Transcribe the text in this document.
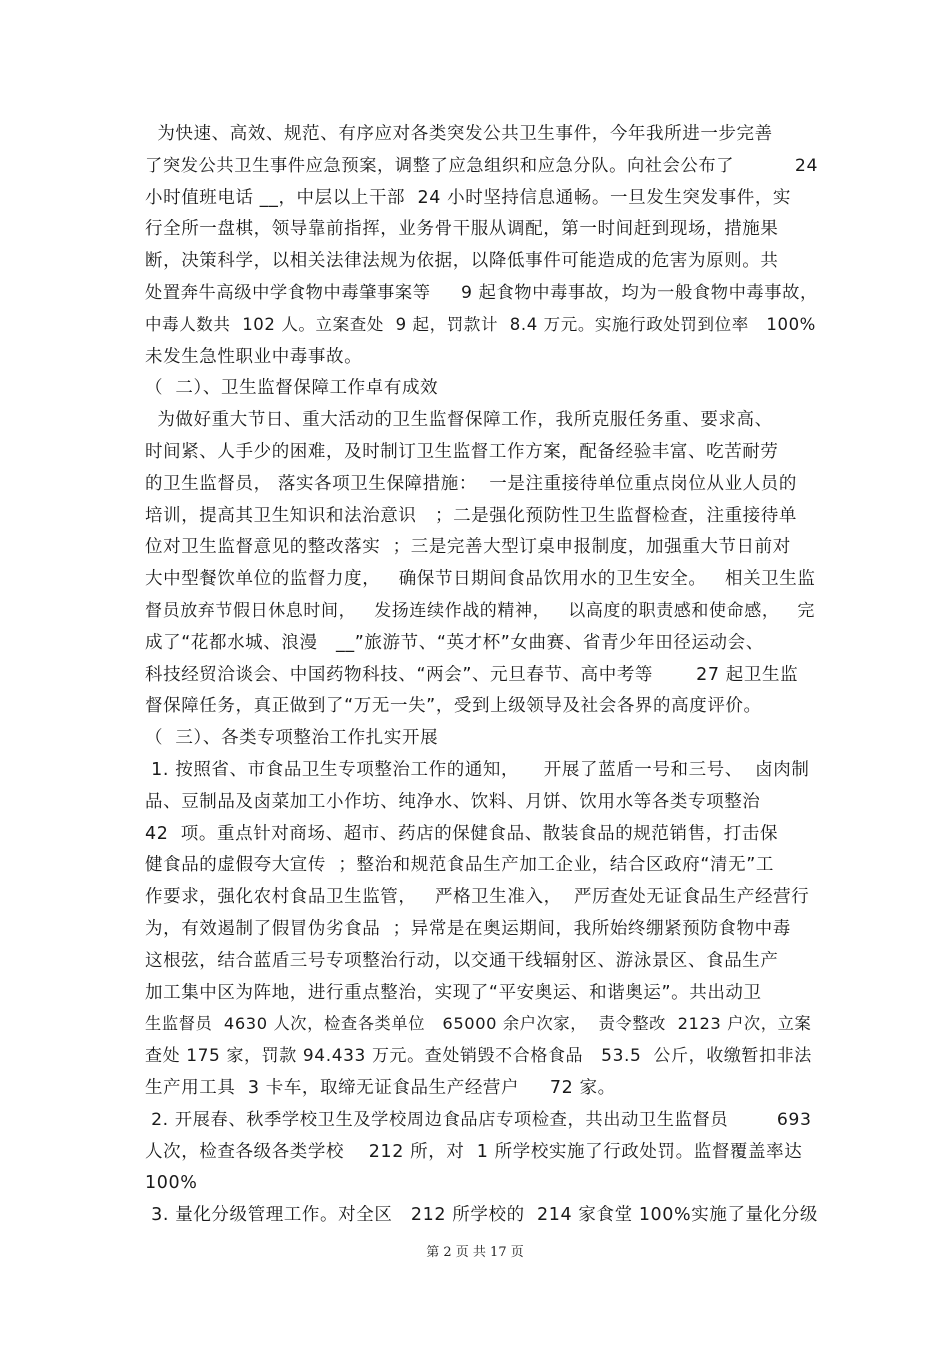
为快速、高效、规范、有序应对各类突发公共卫生事件，今年我所进一步完善
了突发公共卫生事件应急预案，调整了应急组织和应急分队。向社会公布了          24
小时值班电话 __，中层以上干部  24 小时坚持信息通畅。一旦发生突发事件，实
行全所一盘棋，领导靠前指挥，业务骨干服从调配，第一时间赶到现场，措施果
断，决策科学，以相关法律法规为依据，以降低事件可能造成的危害为原则。共
处置奔牛高级中学食物中毒肇事案等     9 起食物中毒事故，均为一般食物中毒事故，
中毒人数共  102 人。立案查处  9 起，罚款计  8.4 万元。实施行政处罚到位率   100%
未发生急性职业中毒事故。
（  二）、卫生监督保障工作卓有成效
为做好重大节日、重大活动的卫生监督保障工作，我所克服任务重、要求高、
时间紧、人手少的困难，及时制订卫生监督工作方案，配备经验丰富、吃苦耐劳
的卫生监督员， 落实各项卫生保障措施：  一是注重接待单位重点岗位从业人员的
培训，提高其卫生知识和法治意识   ；二是强化预防性卫生监督检查，注重接待单
位对卫生监督意见的整改落实  ；三是完善大型订桌申报制度，加强重大节日前对
大中型餐饮单位的监督力度，   确保节日期间食品饮用水的卫生安全。   相关卫生监
督员放弃节假日休息时间，   发扬连续作战的精神，   以高度的职责感和使命感，   完
成了“花都水城、浪漫   __”旅游节、“英才杯”女曲赛、省青少年田径运动会、
科技经贸洽谈会、中国药物科技、“两会”、元旦春节、高中考等       27 起卫生监
督保障任务，真正做到了“万无一失”，受到上级领导及社会各界的高度评价。
（  三）、各类专项整治工作扎实开展
1. 按照省、市食品卫生专项整治工作的通知，    开展了蓝盾一号和三号、  卤肉制
品、豆制品及卤菜加工小作坊、纯净水、饮料、月饼、饮用水等各类专项整治
42  项。重点针对商场、超市、药店的保健食品、散装食品的规范销售，打击保
健食品的虚假夸大宣传  ；整治和规范食品生产加工企业，结合区政府“清无”工
作要求，强化农村食品卫生监管，   严格卫生准入，  严厉查处无证食品生产经营行
为，有效遏制了假冒伪劣食品  ；异常是在奥运期间，我所始终绷紧预防食物中毒
这根弦，结合蓝盾三号专项整治行动，以交通干线辐射区、游泳景区、食品生产
加工集中区为阵地，进行重点整治，实现了“平安奥运、和谐奥运”。共出动卫
生监督员  4630 人次，检查各类单位   65000 余户次家，  责令整改  2123 户次，立案
查处 175 家，罚款 94.433 万元。查处销毁不合格食品   53.5  公斤，收缴暂扣非法
生产用工具  3 卡车，取缔无证食品生产经营户     72 家。
2. 开展春、秋季学校卫生及学校周边食品店专项检查，共出动卫生监督员        693
人次，检查各级各类学校    212 所，对  1 所学校实施了行政处罚。监督覆盖率达
100%
3. 量化分级管理工作。对全区   212 所学校的  214 家食堂 100%实施了量化分级
第 2 页 共 17 页
